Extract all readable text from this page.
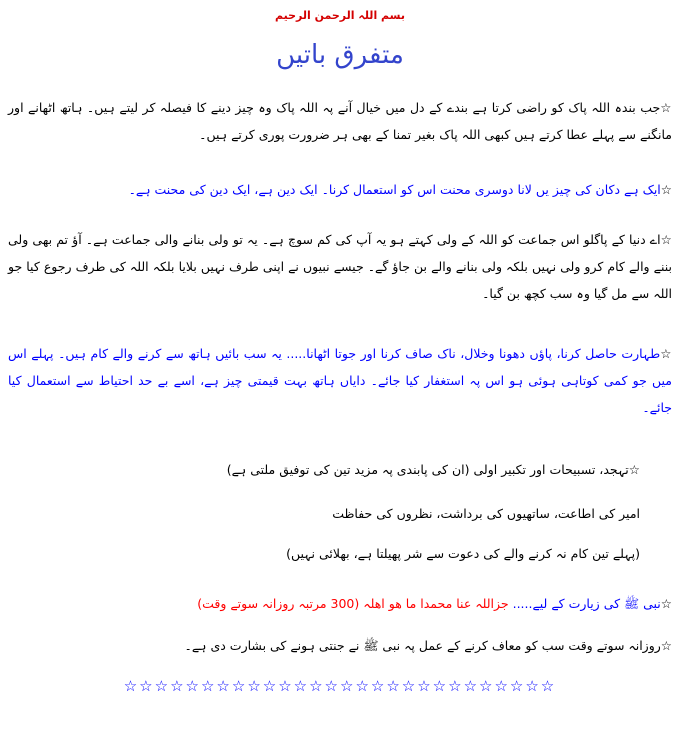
بسم اللہ الرحمن الرحیم
متفرق باتیں
☆جب بندہ اللہ پاک کو راضی کرتا ہے بندے کے دل میں خیال آنے پہ اللہ پاک وہ چیز دینے کا فیصلہ کر لیتے ہیں۔ ہاتھ اٹھانے اور مانگنے سے پہلے عطا کرتے ہیں کبھی اللہ پاک بغیر تمنا کے بھی ہر ضرورت پوری کرتے ہیں۔
☆ایک ہے دکان کی چیز یں لانا دوسری محنت اس کو استعمال کرنا۔ ایک دین ہے، ایک دین کی محنت ہے۔
☆اے دنیا کے پاگلو اس جماعت کو اللہ کے ولی کہتے ہو یہ آپ کی کم سوچ ہے۔ یہ تو ولی بنانے والی جماعت ہے۔ آؤ تم بھی ولی بننے والے کام کرو ولی نہیں بلکہ ولی بنانے والے بن جاؤ گے۔ جیسے نبیوں نے اپنی طرف نہیں بلایا بلکہ اللہ کی طرف رجوع کیا جو اللہ سے مل گیا وہ سب کچھ بن گیا۔
☆طہارت حاصل کرنا، پاؤں دھونا وخلال، ناک صاف کرنا اور جوتا اٹھانا..... یہ سب بائیں ہاتھ سے کرنے والے کام ہیں۔ پہلے اس میں جو کمی کوتاہی ہوئی ہو اس پہ استغفار کیا جائے۔ دایاں ہاتھ بہت قیمتی چیز ہے، اسے بے حد احتیاط سے استعمال کیا جائے۔
☆تہجد، تسبیحات اور تکبیر اولی (ان کی پابندی پہ مزید تین کی توفیق ملتی ہے)
امیر کی اطاعت، ساتھیوں کی برداشت، نظروں کی حفاظت
(پہلے تین کام نہ کرنے والے کی دعوت سے شر پھیلتا ہے، بھلائی نہیں)
☆نبی ﷺ کی زیارت کے لیے..... جزاللہ عنا محمدا ما ھو اھلہ (300 مرتبہ روزانہ سوتے وقت)
☆روزانہ سوتے وقت سب کو معاف کرنے کے عمل پہ نبی ﷺ نے جنتی ہونے کی بشارت دی ہے۔
☆☆☆☆☆☆☆☆☆☆☆☆☆☆☆☆☆☆☆☆☆☆☆☆☆☆☆☆
